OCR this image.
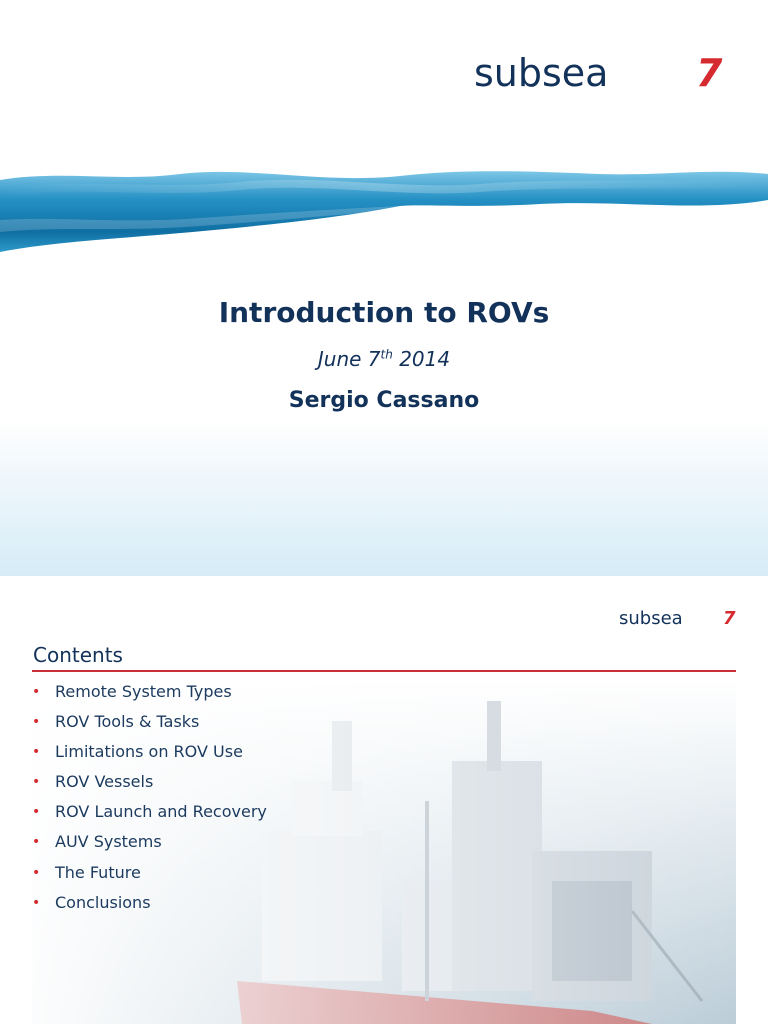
subsea 7
Introduction to ROVs
June 7th 2014
Sergio Cassano
subsea 7
Contents
• Remote System Types
• ROV Tools & Tasks
• Limitations on ROV Use
• ROV Vessels
• ROV Launch and Recovery
• AUV Systems
• The Future
• Conclusions
